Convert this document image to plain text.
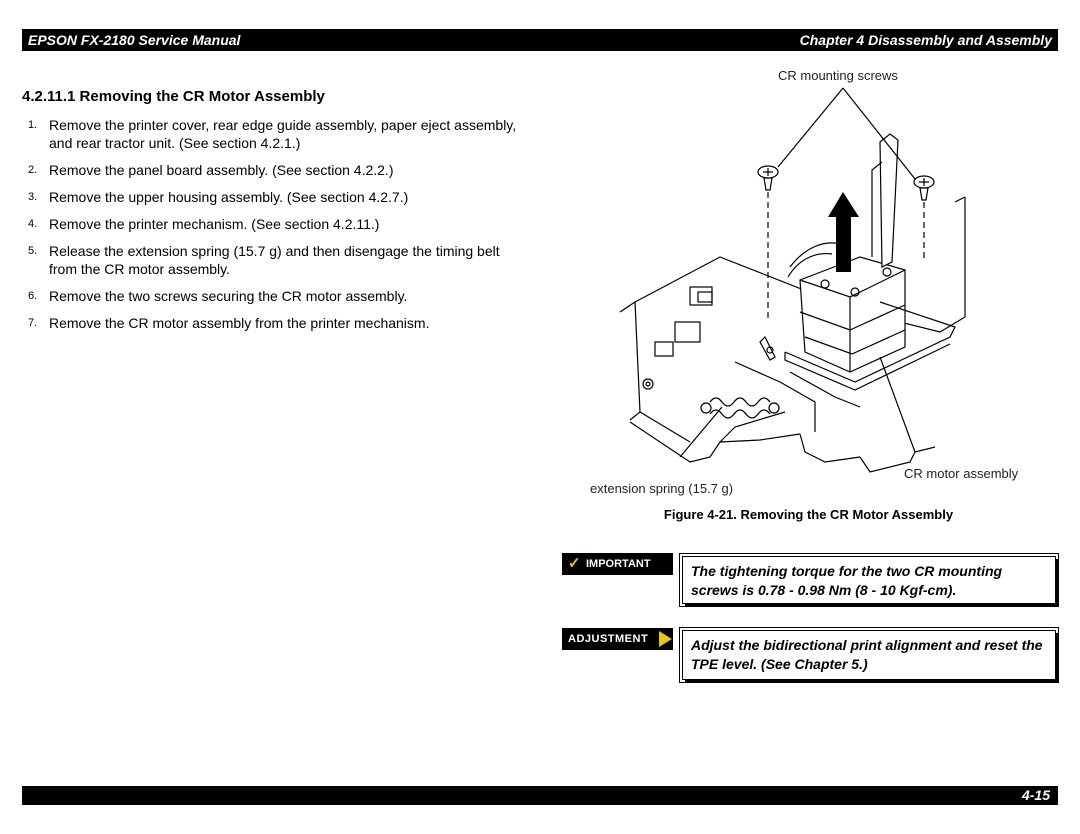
EPSON FX-2180 Service Manual	Chapter 4 Disassembly and Assembly
4.2.11.1 Removing the CR Motor Assembly
1. Remove the printer cover, rear edge guide assembly, paper eject assembly, and rear tractor unit. (See section 4.2.1.)
2. Remove the panel board assembly. (See section 4.2.2.)
3. Remove the upper housing assembly. (See section 4.2.7.)
4. Remove the printer mechanism. (See section 4.2.11.)
5. Release the extension spring (15.7 g) and then disengage the timing belt from the CR motor assembly.
6. Remove the two screws securing the CR motor assembly.
7. Remove the CR motor assembly from the printer mechanism.
CR mounting screws
CR motor assembly
extension spring (15.7 g)
Figure 4-21. Removing the CR Motor Assembly
✓ IMPORTANT	The tightening torque for the two CR mounting screws is 0.78 - 0.98 Nm (8 - 10 Kgf-cm).
ADJUSTMENT	Adjust the bidirectional print alignment and reset the TPE level. (See Chapter 5.)
4-15
